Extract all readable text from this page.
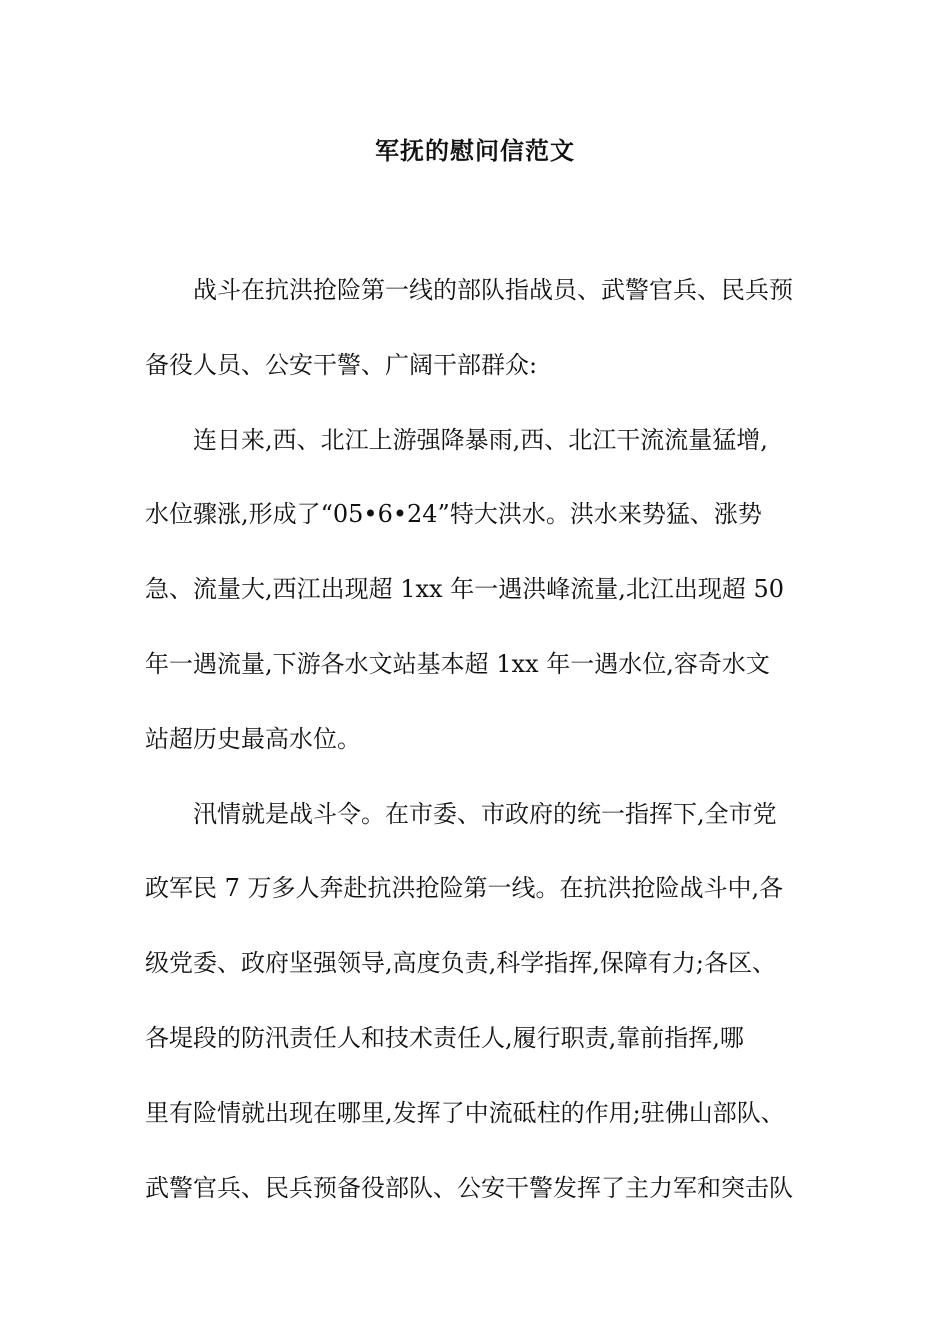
军抚的慰问信范文
战斗在抗洪抢险第一线的部队指战员、武警官兵、民兵预
备役人员、公安干警、广阔干部群众:
连日来,西、北江上游强降暴雨,西、北江干流流量猛增,
水位骤涨,形成了“05•6•24”特大洪水。洪水来势猛、涨势
急、流量大,西江出现超 1xx 年一遇洪峰流量,北江出现超 50
年一遇流量,下游各水文站基本超 1xx 年一遇水位,容奇水文
站超历史最高水位。
汛情就是战斗令。在市委、市政府的统一指挥下,全市党
政军民 7 万多人奔赴抗洪抢险第一线。在抗洪抢险战斗中,各
级党委、政府坚强领导,高度负责,科学指挥,保障有力;各区、
各堤段的防汛责任人和技术责任人,履行职责,靠前指挥,哪
里有险情就出现在哪里,发挥了中流砥柱的作用;驻佛山部队、
武警官兵、民兵预备役部队、公安干警发挥了主力军和突击队
